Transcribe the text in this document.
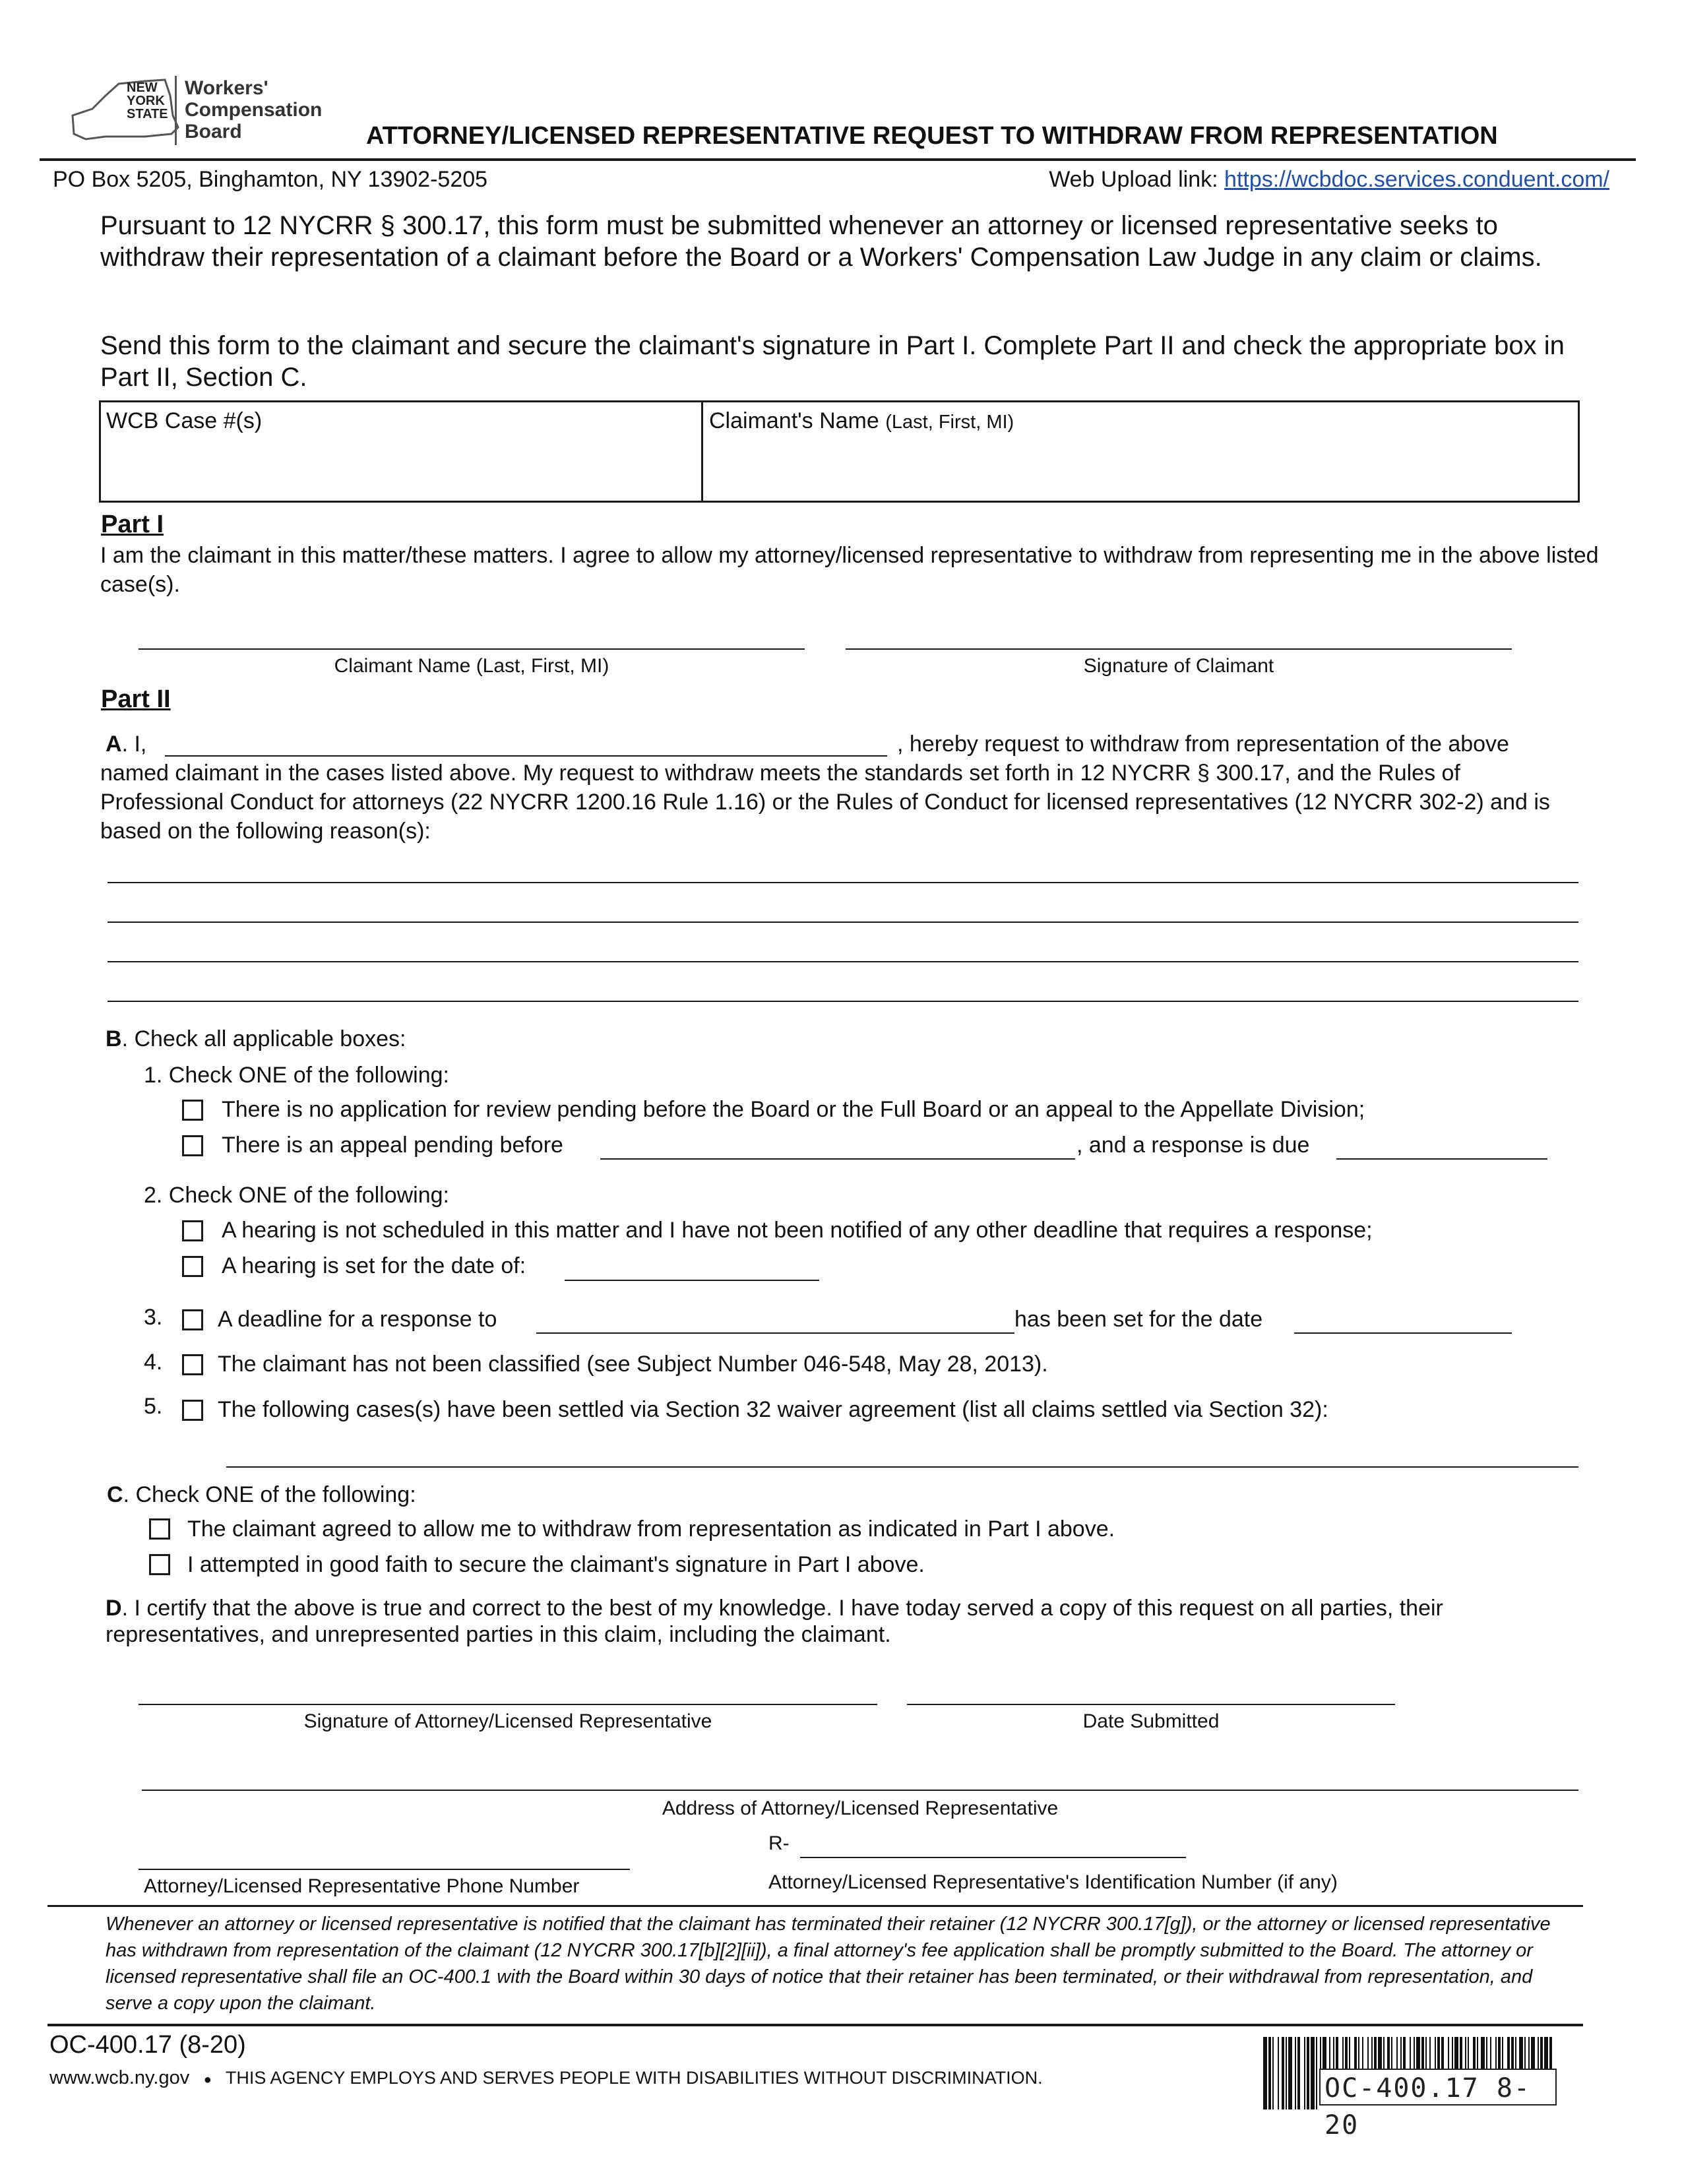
NEW
YORK
STATE
Workers'
Compensation
Board	ATTORNEY/LICENSED REPRESENTATIVE REQUEST TO WITHDRAW FROM REPRESENTATION
PO Box 5205, Binghamton, NY 13902-5205	Web Upload link: https://wcbdoc.services.conduent.com/
Pursuant to 12 NYCRR § 300.17, this form must be submitted whenever an attorney or licensed representative seeks to withdraw their representation of a claimant before the Board or a Workers' Compensation Law Judge in any claim or claims.
Send this form to the claimant and secure the claimant's signature in Part I. Complete Part II and check the appropriate box in Part II, Section C.
WCB Case #(s)	Claimant's Name (Last, First, MI)
Part I
I am the claimant in this matter/these matters. I agree to allow my attorney/licensed representative to withdraw from representing me in the above listed case(s).
Claimant Name (Last, First, MI)	Signature of Claimant
Part II
A. I,	, hereby request to withdraw from representation of the above
named claimant in the cases listed above. My request to withdraw meets the standards set forth in 12 NYCRR § 300.17, and the Rules of Professional Conduct for attorneys (22 NYCRR 1200.16 Rule 1.16) or the Rules of Conduct for licensed representatives (12 NYCRR 302-2) and is based on the following reason(s):
B. Check all applicable boxes:
1. Check ONE of the following:
There is no application for review pending before the Board or the Full Board or an appeal to the Appellate Division;
There is an appeal pending before	, and a response is due
2. Check ONE of the following:
A hearing is not scheduled in this matter and I have not been notified of any other deadline that requires a response;
A hearing is set for the date of:
3. A deadline for a response to	has been set for the date
4. The claimant has not been classified (see Subject Number 046-548, May 28, 2013).
5. The following cases(s) have been settled via Section 32 waiver agreement (list all claims settled via Section 32):
C. Check ONE of the following:
The claimant agreed to allow me to withdraw from representation as indicated in Part I above.
I attempted in good faith to secure the claimant's signature in Part I above.
D. I certify that the above is true and correct to the best of my knowledge. I have today served a copy of this request on all parties, their representatives, and unrepresented parties in this claim, including the claimant.
Signature of Attorney/Licensed Representative	Date Submitted
Address of Attorney/Licensed Representative
R-
Attorney/Licensed Representative Phone Number	Attorney/Licensed Representative's Identification Number (if any)
Whenever an attorney or licensed representative is notified that the claimant has terminated their retainer (12 NYCRR 300.17[g]), or the attorney or licensed representative has withdrawn from representation of the claimant (12 NYCRR 300.17[b][2][ii]), a final attorney's fee application shall be promptly submitted to the Board. The attorney or licensed representative shall file an OC-400.1 with the Board within 30 days of notice that their retainer has been terminated, or their withdrawal from representation, and serve a copy upon the claimant.
OC-400.17 (8-20)
www.wcb.ny.gov ● THIS AGENCY EMPLOYS AND SERVES PEOPLE WITH DISABILITIES WITHOUT DISCRIMINATION.	OC-400.17 8-20
